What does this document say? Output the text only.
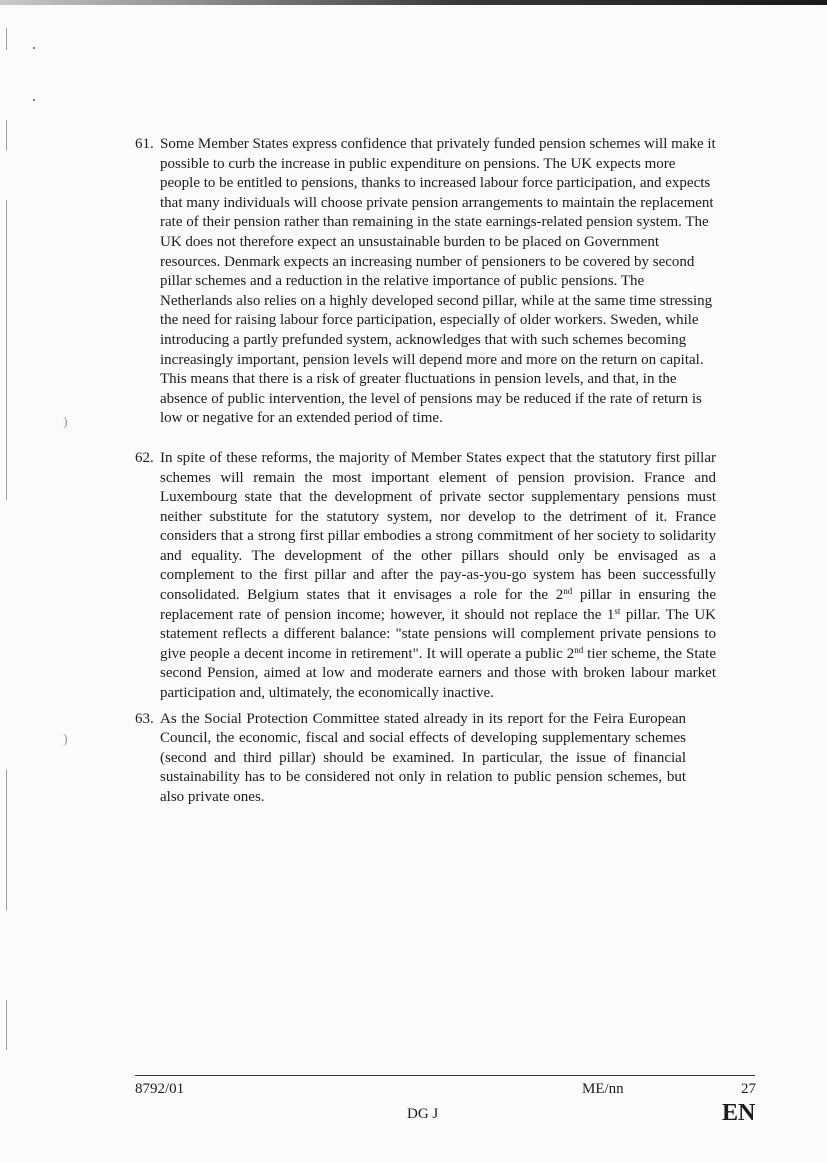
)
)
61. Some Member States express confidence that privately funded pension schemes will make it possible to curb the increase in public expenditure on pensions. The UK expects more people to be entitled to pensions, thanks to increased labour force participation, and expects that many individuals will choose private pension arrangements to maintain the replacement rate of their pension rather than remaining in the state earnings-related pension system. The UK does not therefore expect an unsustainable burden to be placed on Government resources. Denmark expects an increasing number of pensioners to be covered by second pillar schemes and a reduction in the relative importance of public pensions. The Netherlands also relies on a highly developed second pillar, while at the same time stressing the need for raising labour force participation, especially of older workers. Sweden, while introducing a partly prefunded system, acknowledges that with such schemes becoming increasingly important, pension levels will depend more and more on the return on capital. This means that there is a risk of greater fluctuations in pension levels, and that, in the absence of public intervention, the level of pensions may be reduced if the rate of return is low or negative for an extended period of time.
62. In spite of these reforms, the majority of Member States expect that the statutory first pillar schemes will remain the most important element of pension provision. France and Luxembourg state that the development of private sector supplementary pensions must neither substitute for the statutory system, nor develop to the detriment of it. France considers that a strong first pillar embodies a strong commitment of her society to solidarity and equality. The development of the other pillars should only be envisaged as a complement to the first pillar and after the pay-as-you-go system has been successfully consolidated. Belgium states that it envisages a role for the 2nd pillar in ensuring the replacement rate of pension income; however, it should not replace the 1st pillar. The UK statement reflects a different balance: "state pensions will complement private pensions to give people a decent income in retirement". It will operate a public 2nd tier scheme, the State second Pension, aimed at low and moderate earners and those with broken labour market participation and, ultimately, the economically inactive.
63. As the Social Protection Committee stated already in its report for the Feira European Council, the economic, fiscal and social effects of developing supplementary schemes (second and third pillar) should be examined. In particular, the issue of financial sustainability has to be considered not only in relation to public pension schemes, but also private ones.
8792/01	ME/nn	27
DG J	EN
